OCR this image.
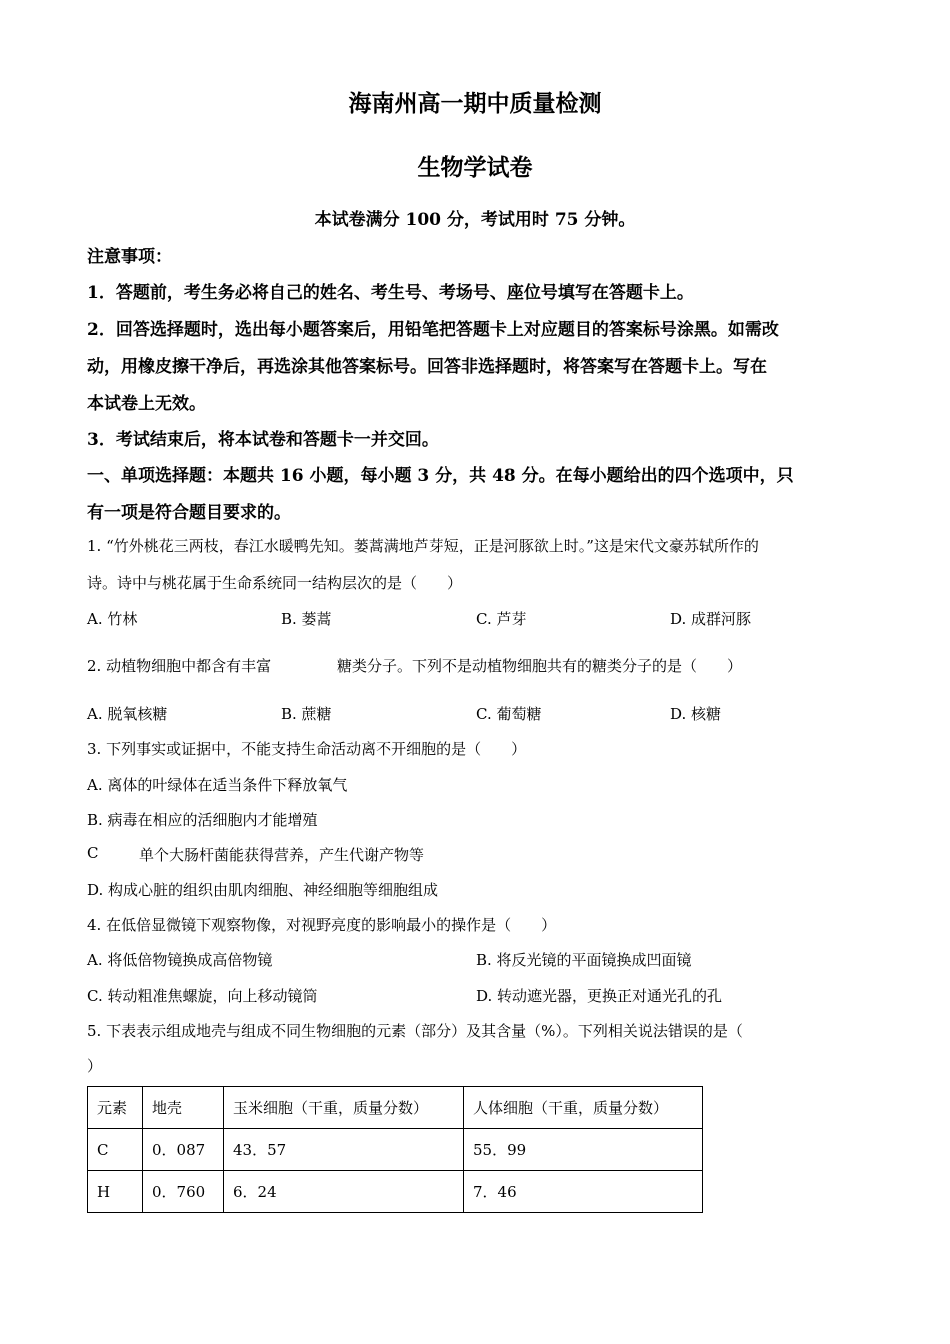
海南州高一期中质量检测
生物学试卷
本试卷满分 100 分，考试用时 75 分钟。
注意事项：
1．答题前，考生务必将自己的姓名、考生号、考场号、座位号填写在答题卡上。
2．回答选择题时，选出每小题答案后，用铅笔把答题卡上对应题目的答案标号涂黑。如需改
动，用橡皮擦干净后，再选涂其他答案标号。回答非选择题时，将答案写在答题卡上。写在
本试卷上无效。
3．考试结束后，将本试卷和答题卡一并交回。
一、单项选择题：本题共 16 小题，每小题 3 分，共 48 分。在每小题给出的四个选项中，只
有一项是符合题目要求的。
1. “竹外桃花三两枝，春江水暖鸭先知。蒌蒿满地芦芽短，正是河豚欲上时。”这是宋代文豪苏轼所作的
诗。诗中与桃花属于生命系统同一结构层次的是（　　）
A. 竹林	B. 蒌蒿	C. 芦芽	D. 成群河豚
2. 动植物细胞中都含有丰富	糖类分子。下列不是动植物细胞共有的糖类分子的是（　　）
A. 脱氧核糖	B. 蔗糖	C. 葡萄糖	D. 核糖
3. 下列事实或证据中，不能支持生命活动离不开细胞的是（　　）
A. 离体的叶绿体在适当条件下释放氧气
B. 病毒在相应的活细胞内才能增殖
C	单个大肠杆菌能获得营养，产生代谢产物等
D. 构成心脏的组织由肌肉细胞、神经细胞等细胞组成
4. 在低倍显微镜下观察物像，对视野亮度的影响最小的操作是（　　）
A. 将低倍物镜换成高倍物镜	B. 将反光镜的平面镜换成凹面镜
C. 转动粗准焦螺旋，向上移动镜筒	D. 转动遮光器，更换正对通光孔的孔
5. 下表表示组成地壳与组成不同生物细胞的元素（部分）及其含量（%）。下列相关说法错误的是（
）
元素	地壳	玉米细胞（干重，质量分数）	人体细胞（干重，质量分数）
C	0．087	43．57	55．99
H	0．760	6．24	7．46
